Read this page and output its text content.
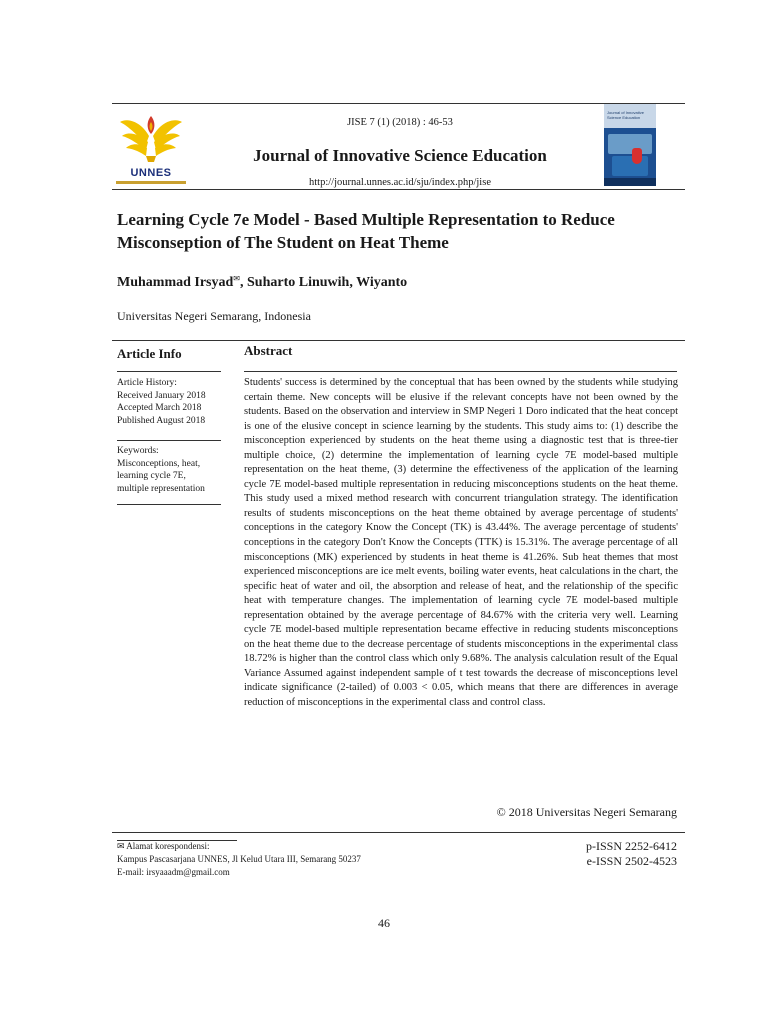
UNNES
JISE 7 (1) (2018) : 46-53
Journal of Innovative Science Education
http://journal.unnes.ac.id/sju/index.php/jise
Journal of Innovative Science Education
Learning Cycle 7e Model - Based Multiple Representation to Reduce Misconseption of The Student on Heat Theme
Muhammad Irsyad✉, Suharto Linuwih, Wiyanto
Universitas Negeri Semarang, Indonesia
Article Info
Article History:
Received January 2018
Accepted March 2018
Published August 2018
Keywords:
Misconceptions, heat,
learning cycle 7E,
multiple representation
Abstract
Students' success is determined by the conceptual that has been owned by the students while studying certain theme. New concepts will be elusive if the relevant concepts have not been owned by the students. Based on the observation and interview in SMP Negeri 1 Doro indicated that the heat concept is one of the elusive concept in science learning by the students. This study aims to: (1) describe the misconception experienced by students on the heat theme using a diagnostic test that is three-tier multiple choice, (2) determine the implementation of learning cycle 7E model-based multiple representation on the heat theme, (3) determine the effectiveness of the application of the learning cycle 7E model-based multiple representation in reducing misconceptions students on the heat theme. This study used a mixed method research with concurrent triangulation strategy. The identification results of students misconceptions on the heat theme obtained by average percentage of students' conceptions in the category Know the Concept (TK) is 43.44%. The average percentage of students' conceptions in the category Don't Know the Concepts (TTK) is 15.31%. The average percentage of all misconceptions (MK) experienced by students in heat theme is 41.26%. Sub heat themes that most experienced misconceptions are ice melt events, boiling water events, heat calculations in the chart, the specific heat of water and oil, the absorption and release of heat, and the relationship of the specific heat with temperature changes. The implementation of learning cycle 7E model-based multiple representation obtained by the average percentage of 84.67% with the criteria very well. Learning cycle 7E model-based multiple representation became effective in reducing students misconceptions on the heat theme due to the decrease percentage of students misconceptions in the experimental class 18.72% is higher than the control class which only 9.68%. The analysis calculation result of the Equal Variance Assumed against independent sample of t test towards the decrease of misconceptions level indicate significance (2-tailed) of 0.003 < 0.05, which means that there are differences in average reduction of misconceptions in the experimental class and control class.
© 2018 Universitas Negeri Semarang
✉ Alamat korespondensi:
Kampus Pascasarjana UNNES, Jl Kelud Utara III, Semarang 50237
E-mail: irsyaaadm@gmail.com
p-ISSN 2252-6412
e-ISSN 2502-4523
46
